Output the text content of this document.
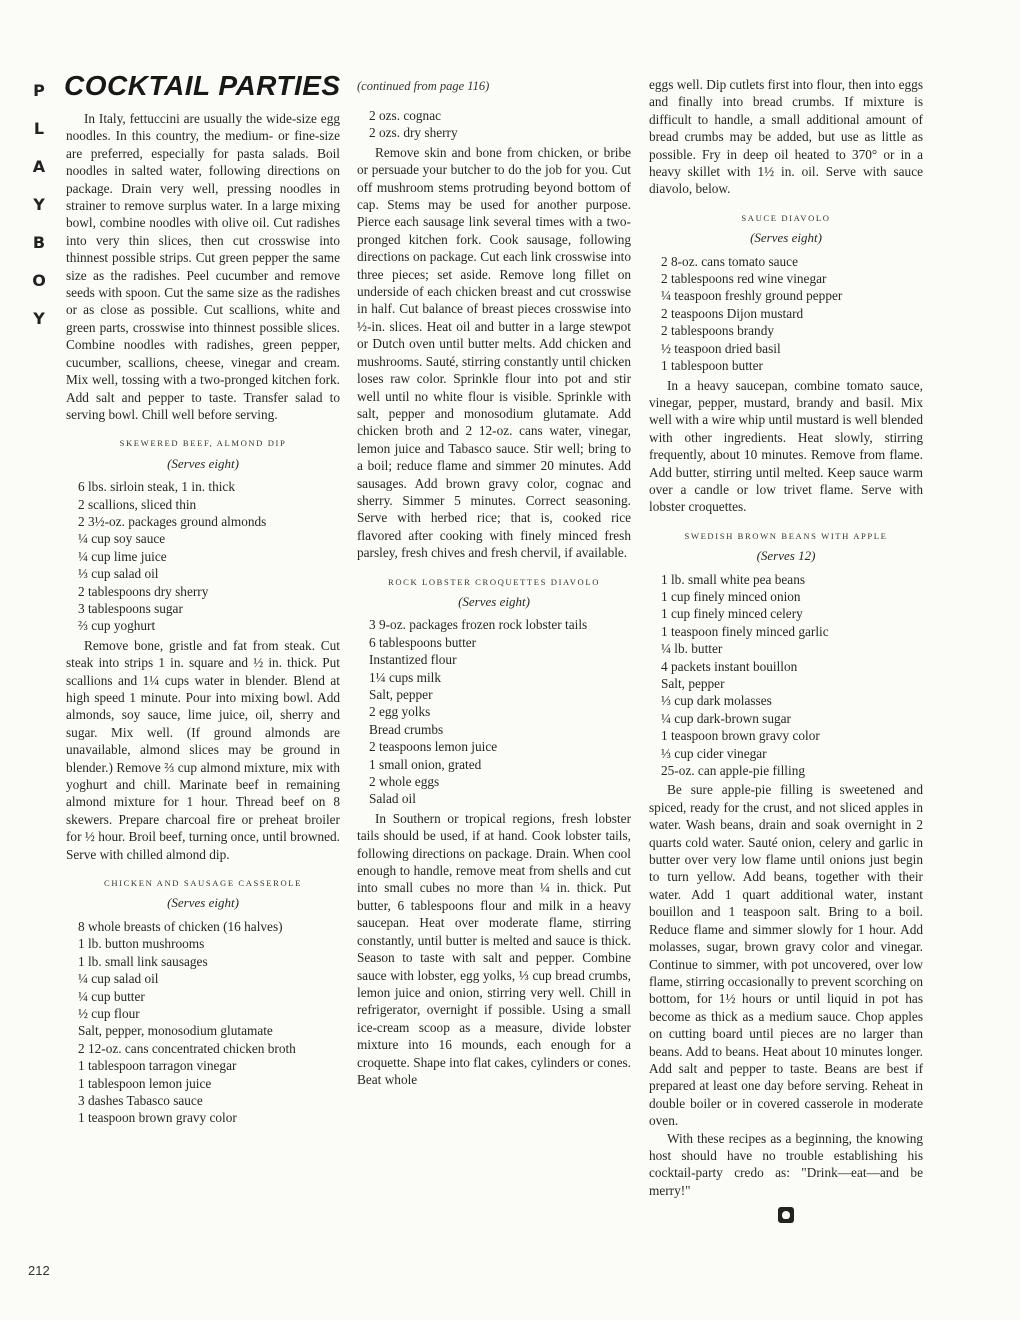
P
L
A
Y
B
O
Y
212
COCKTAIL PARTIES

In Italy, fettuccini are usually the wide-size egg noodles. In this country, the medium- or fine-size are preferred, especially for pasta salads. Boil noodles in salted water, following directions on package. Drain very well, pressing noodles in strainer to remove surplus water. In a large mixing bowl, combine noodles with olive oil. Cut radishes into very thin slices, then cut crosswise into thinnest possible strips. Cut green pepper the same size as the radishes. Peel cucumber and remove seeds with spoon. Cut the same size as the radishes or as close as possible. Cut scallions, white and green parts, crosswise into thinnest possible slices. Combine noodles with radishes, green pepper, cucumber, scallions, cheese, vinegar and cream. Mix well, tossing with a two-pronged kitchen fork. Add salt and pepper to taste. Transfer salad to serving bowl. Chill well before serving.

SKEWERED BEEF, ALMOND DIP
(Serves eight)
6 lbs. sirloin steak, 1 in. thick
2 scallions, sliced thin
2 3½-oz. packages ground almonds
¼ cup soy sauce
¼ cup lime juice
⅓ cup salad oil
2 tablespoons dry sherry
3 tablespoons sugar
⅔ cup yoghurt

Remove bone, gristle and fat from steak. Cut steak into strips 1 in. square and ½ in. thick. Put scallions and 1¼ cups water in blender. Blend at high speed 1 minute. Pour into mixing bowl. Add almonds, soy sauce, lime juice, oil, sherry and sugar. Mix well. (If ground almonds are unavailable, almond slices may be ground in blender.) Remove ⅔ cup almond mixture, mix with yoghurt and chill. Marinate beef in remaining almond mixture for 1 hour. Thread beef on 8 skewers. Prepare charcoal fire or preheat broiler for ½ hour. Broil beef, turning once, until browned. Serve with chilled almond dip.

CHICKEN AND SAUSAGE CASSEROLE
(Serves eight)
8 whole breasts of chicken (16 halves)
1 lb. button mushrooms
1 lb. small link sausages
¼ cup salad oil
¼ cup butter
½ cup flour
Salt, pepper, monosodium glutamate
2 12-oz. cans concentrated chicken broth
1 tablespoon tarragon vinegar
1 tablespoon lemon juice
3 dashes Tabasco sauce
1 teaspoon brown gravy color
(continued from page 116)
2 ozs. cognac
2 ozs. dry sherry

Remove skin and bone from chicken, or bribe or persuade your butcher to do the job for you. Cut off mushroom stems protruding beyond bottom of cap. Stems may be used for another purpose. Pierce each sausage link several times with a two-pronged kitchen fork. Cook sausage, following directions on package. Cut each link crosswise into three pieces; set aside. Remove long fillet on underside of each chicken breast and cut crosswise in half. Cut balance of breast pieces crosswise into ½-in. slices. Heat oil and butter in a large stewpot or Dutch oven until butter melts. Add chicken and mushrooms. Sauté, stirring constantly until chicken loses raw color. Sprinkle flour into pot and stir well until no white flour is visible. Sprinkle with salt, pepper and monosodium glutamate. Add chicken broth and 2 12-oz. cans water, vinegar, lemon juice and Tabasco sauce. Stir well; bring to a boil; reduce flame and simmer 20 minutes. Add sausages. Add brown gravy color, cognac and sherry. Simmer 5 minutes. Correct seasoning. Serve with herbed rice; that is, cooked rice flavored after cooking with finely minced fresh parsley, fresh chives and fresh chervil, if available.

ROCK LOBSTER CROQUETTES DIAVOLO
(Serves eight)
3 9-oz. packages frozen rock lobster tails
6 tablespoons butter
Instantized flour
1¼ cups milk
Salt, pepper
2 egg yolks
Bread crumbs
2 teaspoons lemon juice
1 small onion, grated
2 whole eggs
Salad oil

In Southern or tropical regions, fresh lobster tails should be used, if at hand. Cook lobster tails, following directions on package. Drain. When cool enough to handle, remove meat from shells and cut into small cubes no more than ¼ in. thick. Put butter, 6 tablespoons flour and milk in a heavy saucepan. Heat over moderate flame, stirring constantly, until butter is melted and sauce is thick. Season to taste with salt and pepper. Combine sauce with lobster, egg yolks, ⅓ cup bread crumbs, lemon juice and onion, stirring very well. Chill in refrigerator, overnight if possible. Using a small ice-cream scoop as a measure, divide lobster mixture into 16 mounds, each enough for a croquette. Shape into flat cakes, cylinders or cones. Beat whole

eggs well. Dip cutlets first into flour, then into eggs and finally into bread crumbs. If mixture is difficult to handle, a small additional amount of bread crumbs may be added, but use as little as possible. Fry in deep oil heated to 370° or in a heavy skillet with 1½ in. oil. Serve with sauce diavolo, below.

SAUCE DIAVOLO
(Serves eight)
2 8-oz. cans tomato sauce
2 tablespoons red wine vinegar
¼ teaspoon freshly ground pepper
2 teaspoons Dijon mustard
2 tablespoons brandy
½ teaspoon dried basil
1 tablespoon butter

In a heavy saucepan, combine tomato sauce, vinegar, pepper, mustard, brandy and basil. Mix well with a wire whip until mustard is well blended with other ingredients. Heat slowly, stirring frequently, about 10 minutes. Remove from flame. Add butter, stirring until melted. Keep sauce warm over a candle or low trivet flame. Serve with lobster croquettes.

SWEDISH BROWN BEANS WITH APPLE
(Serves 12)
1 lb. small white pea beans
1 cup finely minced onion
1 cup finely minced celery
1 teaspoon finely minced garlic
¼ lb. butter
4 packets instant bouillon
Salt, pepper
⅓ cup dark molasses
¼ cup dark-brown sugar
1 teaspoon brown gravy color
⅓ cup cider vinegar
25-oz. can apple-pie filling

Be sure apple-pie filling is sweetened and spiced, ready for the crust, and not sliced apples in water. Wash beans, drain and soak overnight in 2 quarts cold water. Sauté onion, celery and garlic in butter over very low flame until onions just begin to turn yellow. Add beans, together with their water. Add 1 quart additional water, instant bouillon and 1 teaspoon salt. Bring to a boil. Reduce flame and simmer slowly for 1 hour. Add molasses, sugar, brown gravy color and vinegar. Continue to simmer, with pot uncovered, over low flame, stirring occasionally to prevent scorching on bottom, for 1½ hours or until liquid in pot has become as thick as a medium sauce. Chop apples on cutting board until pieces are no larger than beans. Add to beans. Heat about 10 minutes longer. Add salt and pepper to taste. Beans are best if prepared at least one day before serving. Reheat in double boiler or in covered casserole in moderate oven.

With these recipes as a beginning, the knowing host should have no trouble establishing his cocktail-party credo as: "Drink—eat—and be merry!"
